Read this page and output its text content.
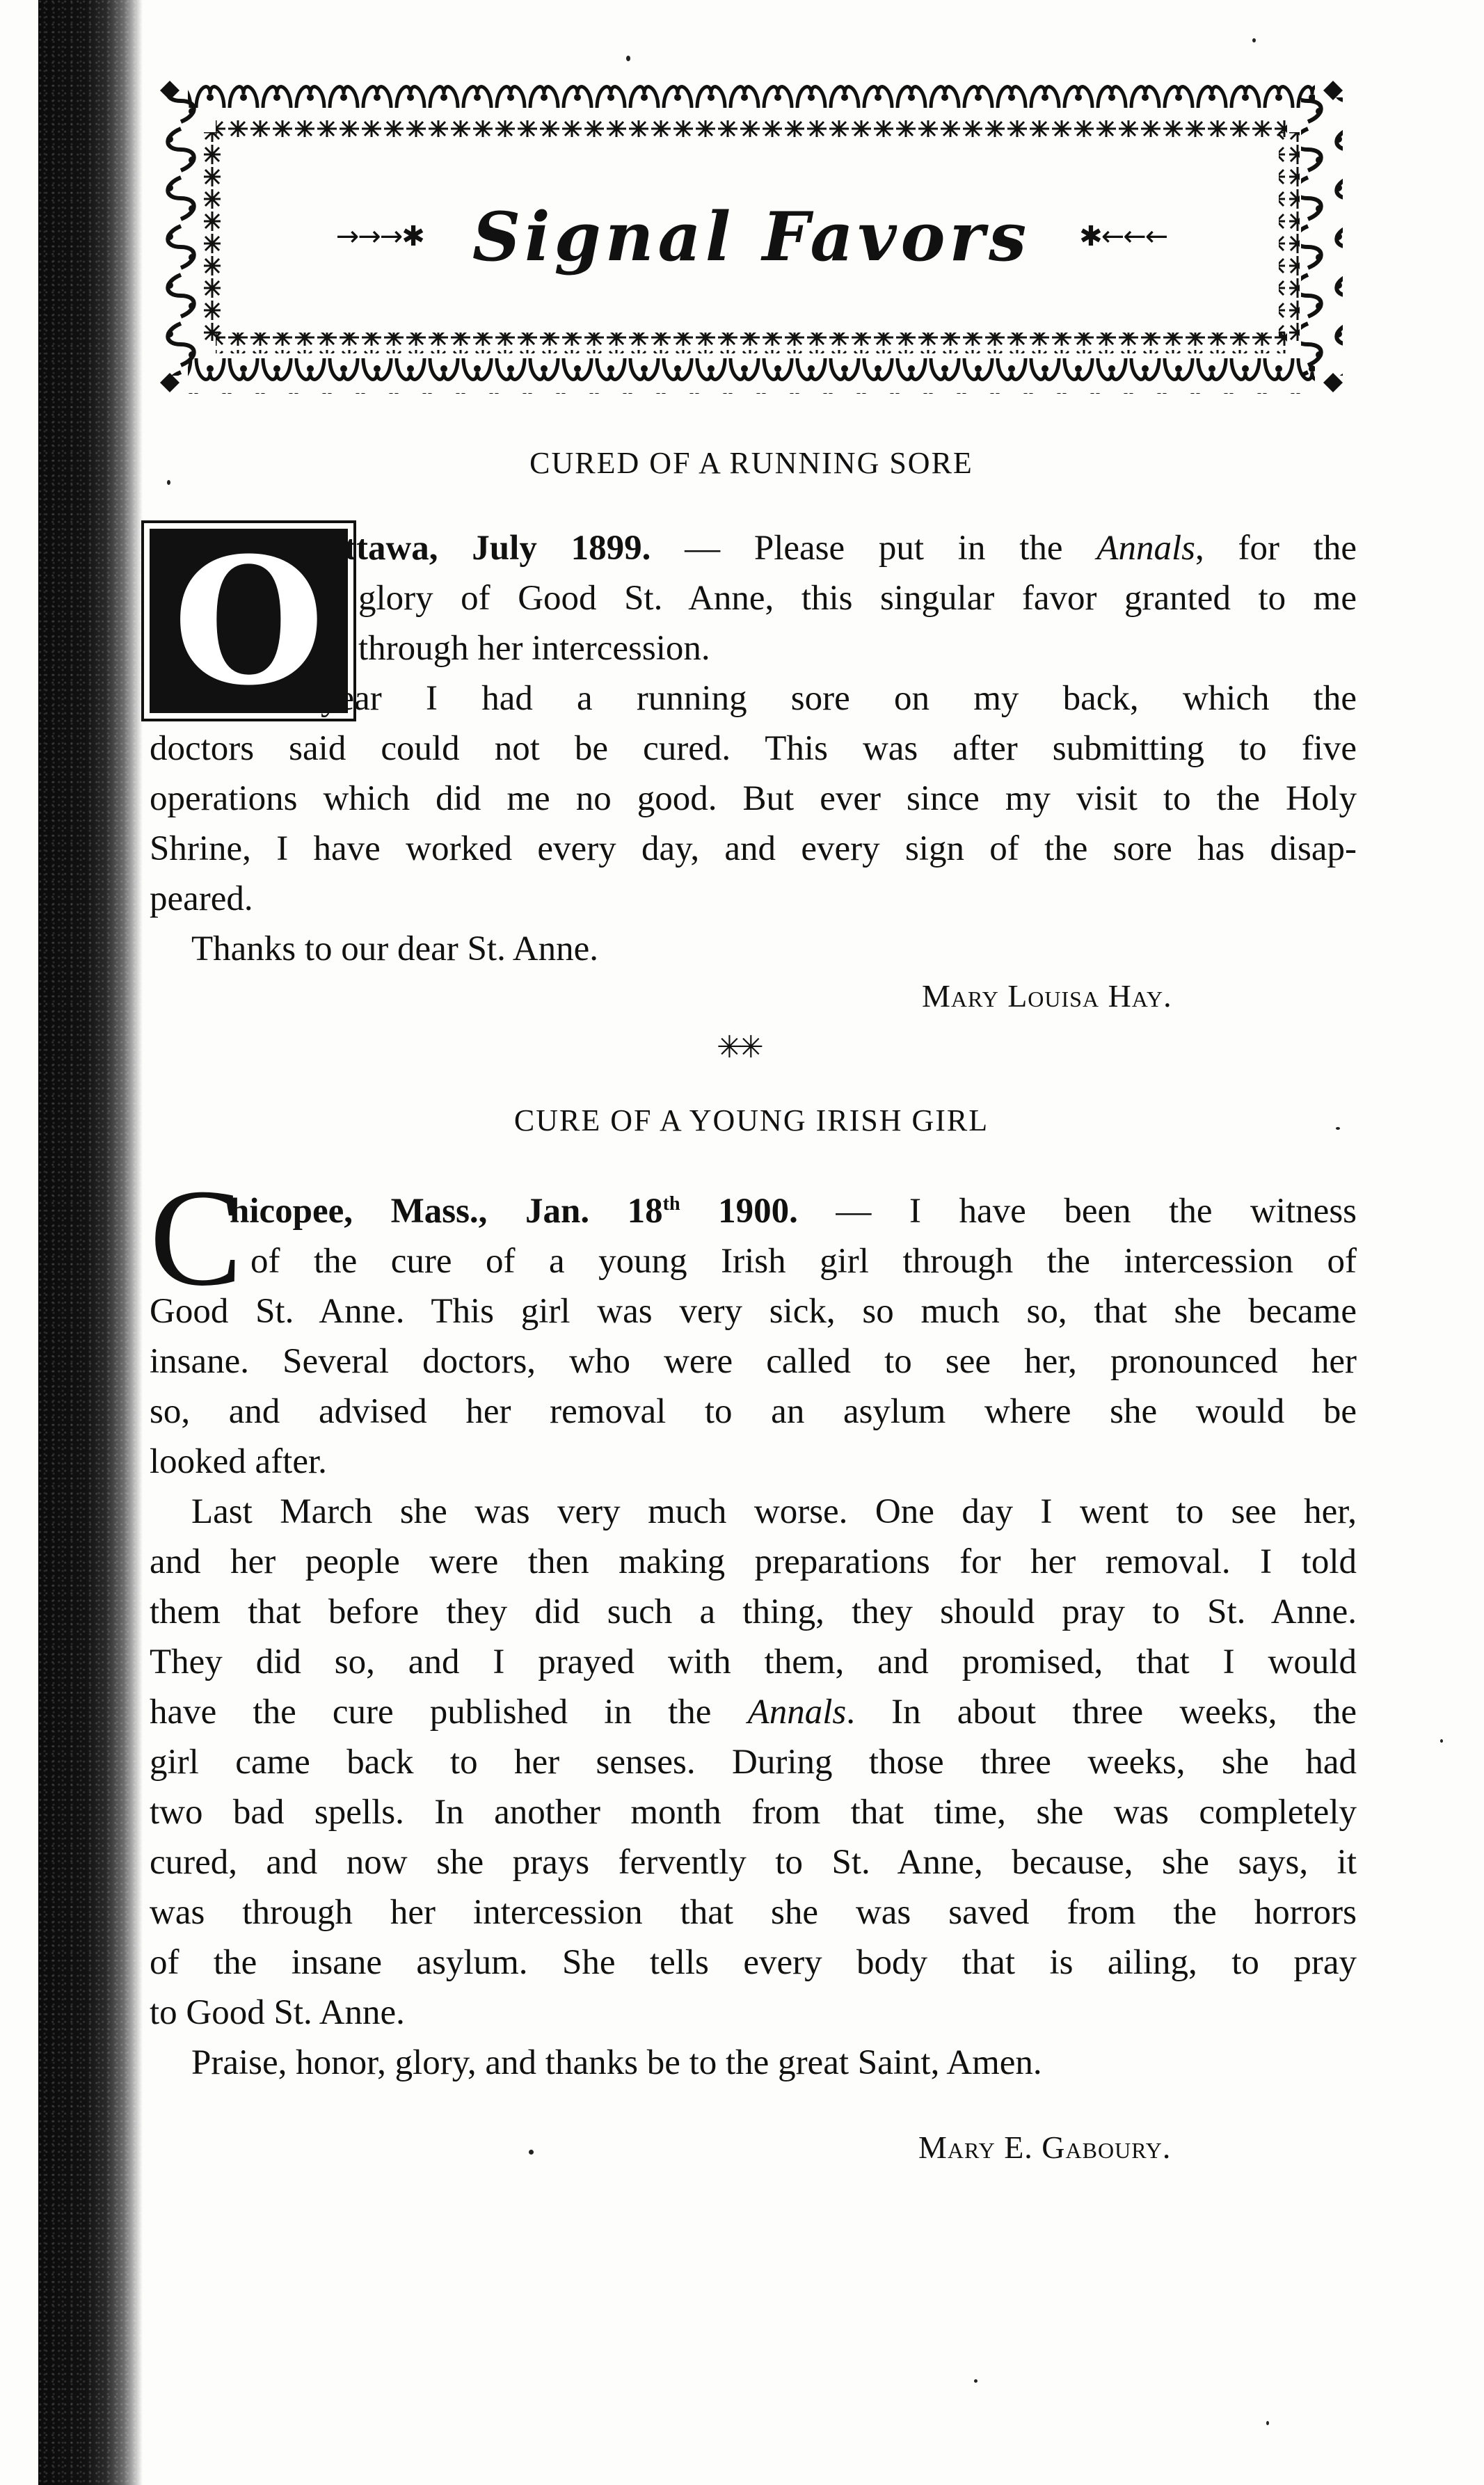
→→→✱ Signal Favors ✱←←←
CURED OF A RUNNING SORE
O ttawa, July 1899. — Please put in the Annals, for the
glory of Good St. Anne, this singular favor granted to me
through her intercession.
Last year I had a running sore on my back, which the
doctors said could not be cured. This was after submitting to five
operations which did me no good. But ever since my visit to the Holy
Shrine, I have worked every day, and every sign of the sore has disap-
peared.
Thanks to our dear St. Anne.
Mary Louisa Hay.
✳✳
CURE OF A YOUNG IRISH GIRL
C
hicopee, Mass., Jan. 18th 1900. — I have been the witness
of the cure of a young Irish girl through the intercession of
Good St. Anne. This girl was very sick, so much so, that she became
insane. Several doctors, who were called to see her, pronounced her
so, and advised her removal to an asylum where she would be
looked after.
Last March she was very much worse. One day I went to see her,
and her people were then making preparations for her removal. I told
them that before they did such a thing, they should pray to St. Anne.
They did so, and I prayed with them, and promised, that I would
have the cure published in the Annals. In about three weeks, the
girl came back to her senses. During those three weeks, she had
two bad spells. In another month from that time, she was completely
cured, and now she prays fervently to St. Anne, because, she says, it
was through her intercession that she was saved from the horrors
of the insane asylum. She tells every body that is ailing, to pray
to Good St. Anne.
Praise, honor, glory, and thanks be to the great Saint, Amen.
Mary E. Gaboury.
